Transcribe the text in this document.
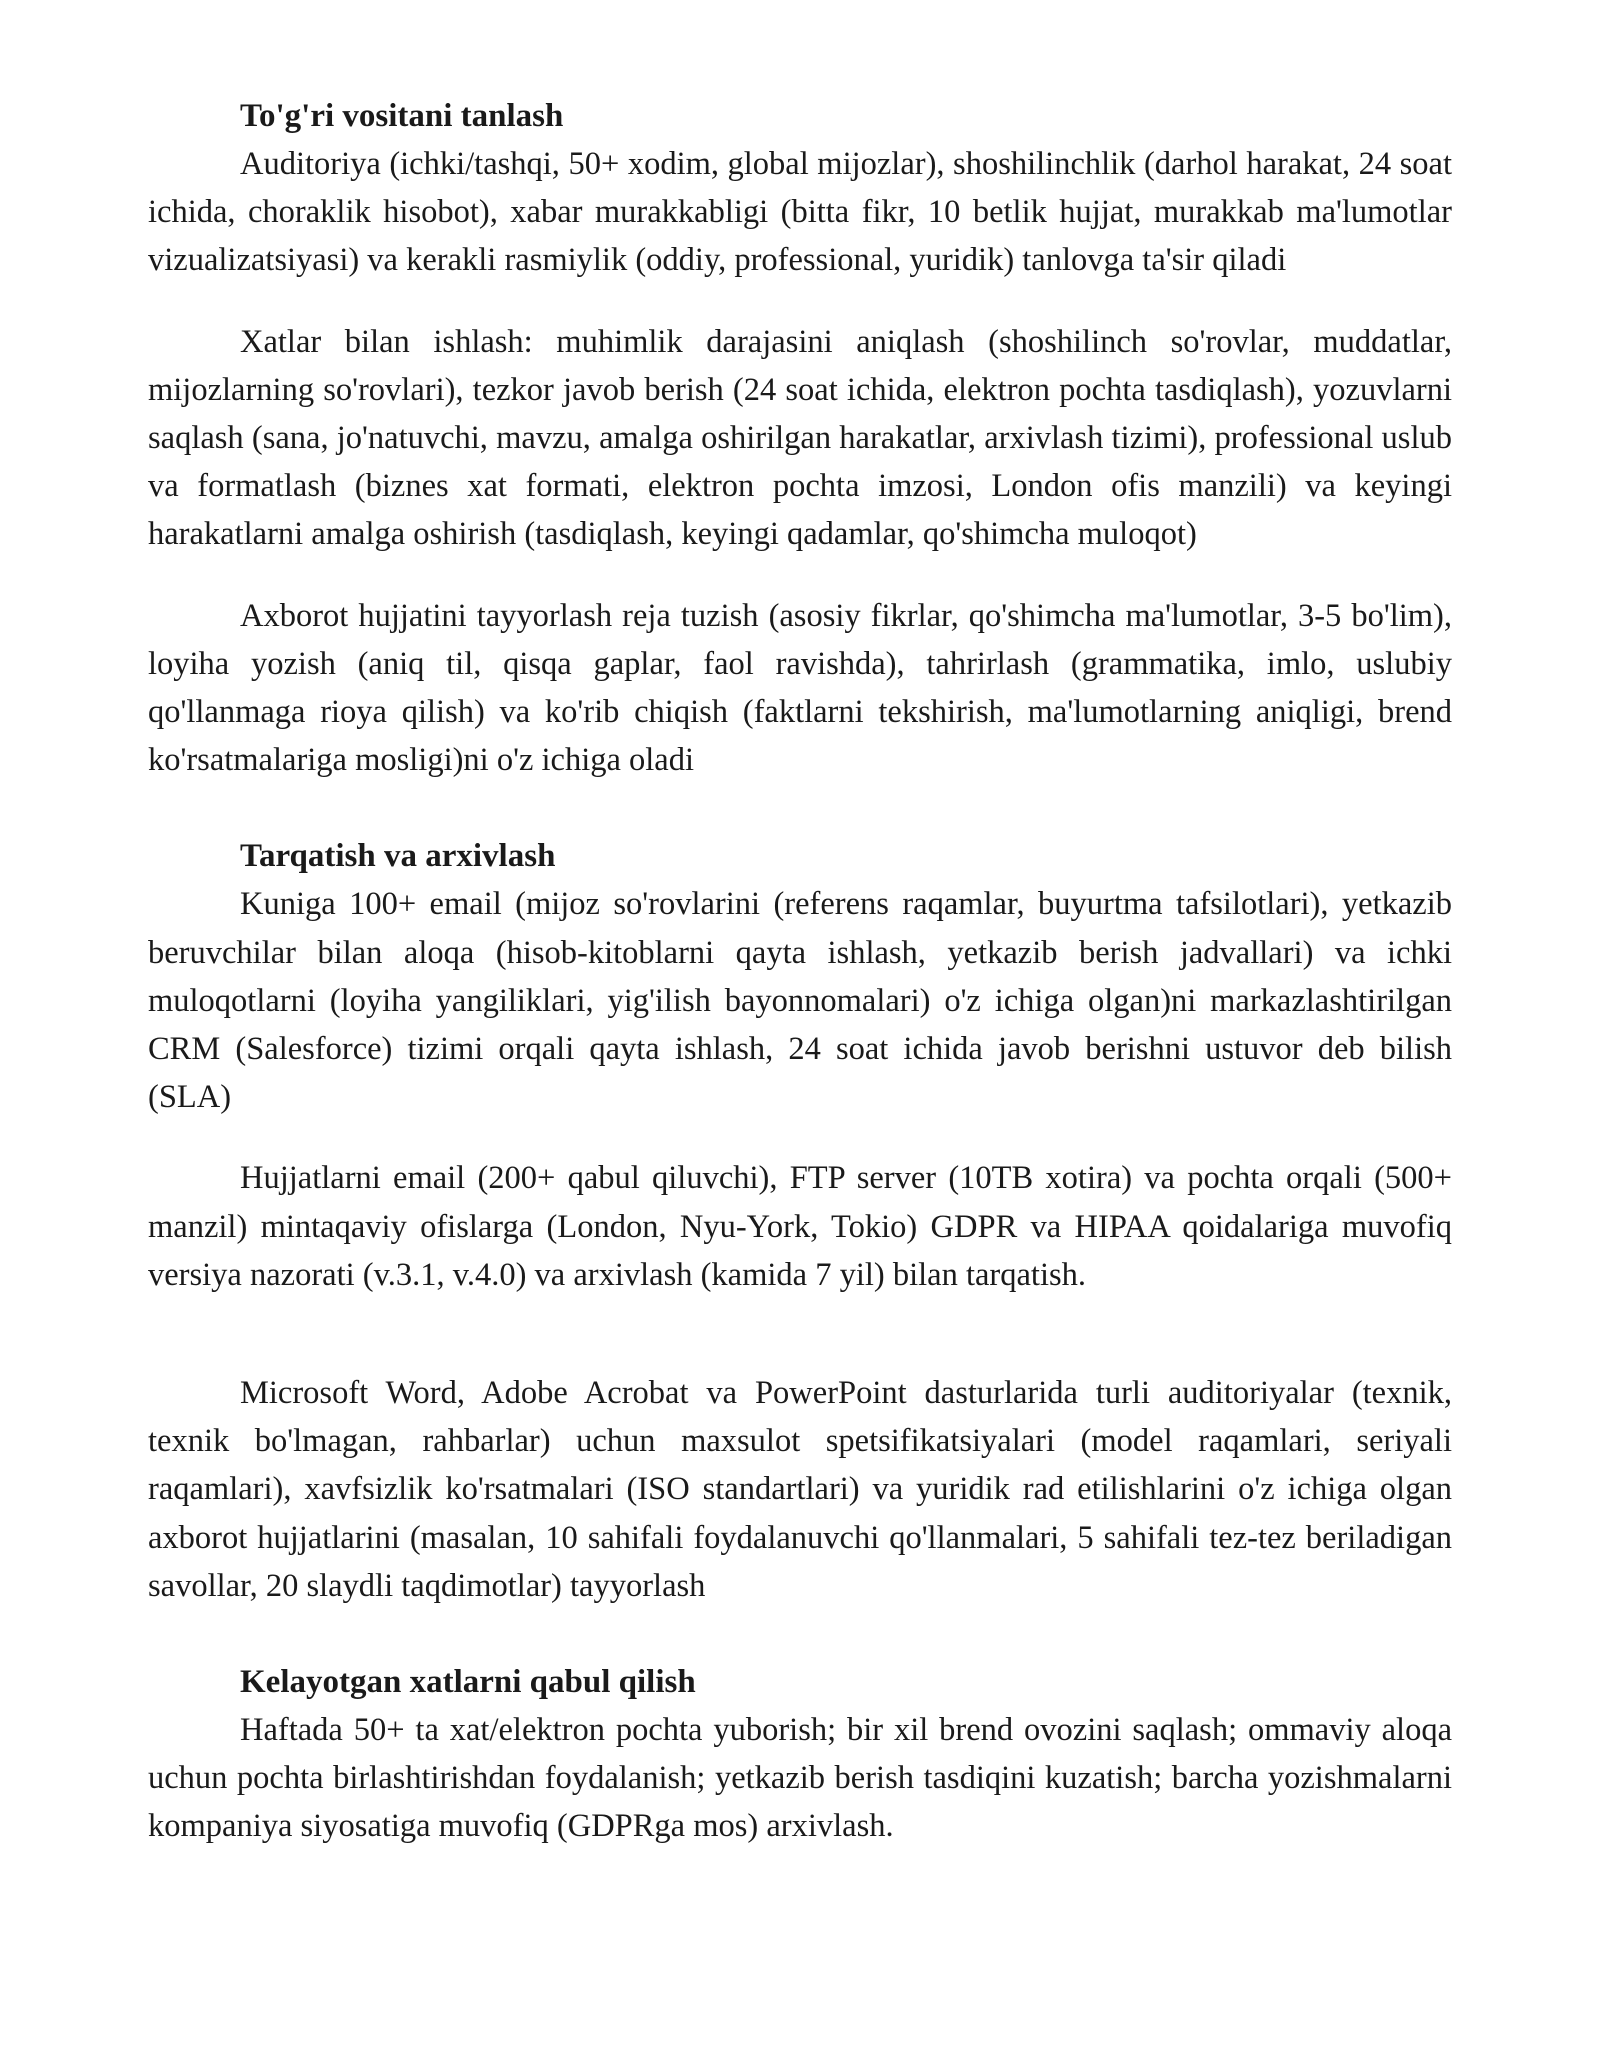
To'g'ri vositani tanlash

Auditoriya (ichki/tashqi, 50+ xodim, global mijozlar), shoshilinchlik (darhol harakat, 24 soat ichida, choraklik hisobot), xabar murakkabligi (bitta fikr, 10 betlik hujjat, murakkab ma'lumotlar vizualizatsiyasi) va kerakli rasmiylik (oddiy, professional, yuridik) tanlovga ta'sir qiladi

Xatlar bilan ishlash: muhimlik darajasini aniqlash (shoshilinch so'rovlar, muddatlar, mijozlarning so'rovlari), tezkor javob berish (24 soat ichida, elektron pochta tasdiqlash), yozuvlarni saqlash (sana, jo'natuvchi, mavzu, amalga oshirilgan harakatlar, arxivlash tizimi), professional uslub va formatlash (biznes xat formati, elektron pochta imzosi, London ofis manzili) va keyingi harakatlarni amalga oshirish (tasdiqlash, keyingi qadamlar, qo'shimcha muloqot)

Axborot hujjatini tayyorlash reja tuzish (asosiy fikrlar, qo'shimcha ma'lumotlar, 3-5 bo'lim), loyiha yozish (aniq til, qisqa gaplar, faol ravishda), tahrirlash (grammatika, imlo, uslubiy qo'llanmaga rioya qilish) va ko'rib chiqish (faktlarni tekshirish, ma'lumotlarning aniqligi, brend ko'rsatmalariga mosligi)ni o'z ichiga oladi

Tarqatish va arxivlash

Kuniga 100+ email (mijoz so'rovlarini (referens raqamlar, buyurtma tafsilotlari), yetkazib beruvchilar bilan aloqa (hisob-kitoblarni qayta ishlash, yetkazib berish jadvallari) va ichki muloqotlarni (loyiha yangiliklari, yig'ilish bayonnomalari) o'z ichiga olgan)ni markazlashtirilgan CRM (Salesforce) tizimi orqali qayta ishlash, 24 soat ichida javob berishni ustuvor deb bilish (SLA)

Hujjatlarni email (200+ qabul qiluvchi), FTP server (10TB xotira) va pochta orqali (500+ manzil) mintaqaviy ofislarga (London, Nyu-York, Tokio) GDPR va HIPAA qoidalariga muvofiq versiya nazorati (v.3.1, v.4.0) va arxivlash (kamida 7 yil) bilan tarqatish.

Microsoft Word, Adobe Acrobat va PowerPoint dasturlarida turli auditoriyalar (texnik, texnik bo'lmagan, rahbarlar) uchun maxsulot spetsifikatsiyalari (model raqamlari, seriyali raqamlari), xavfsizlik ko'rsatmalari (ISO standartlari) va yuridik rad etilishlarini o'z ichiga olgan axborot hujjatlarini (masalan, 10 sahifali foydalanuvchi qo'llanmalari, 5 sahifali tez-tez beriladigan savollar, 20 slaydli taqdimotlar) tayyorlash

Kelayotgan xatlarni qabul qilish

Haftada 50+ ta xat/elektron pochta yuborish; bir xil brend ovozini saqlash; ommaviy aloqa uchun pochta birlashtirishdan foydalanish; yetkazib berish tasdiqini kuzatish; barcha yozishmalarni kompaniya siyosatiga muvofiq (GDPRga mos) arxivlash.
